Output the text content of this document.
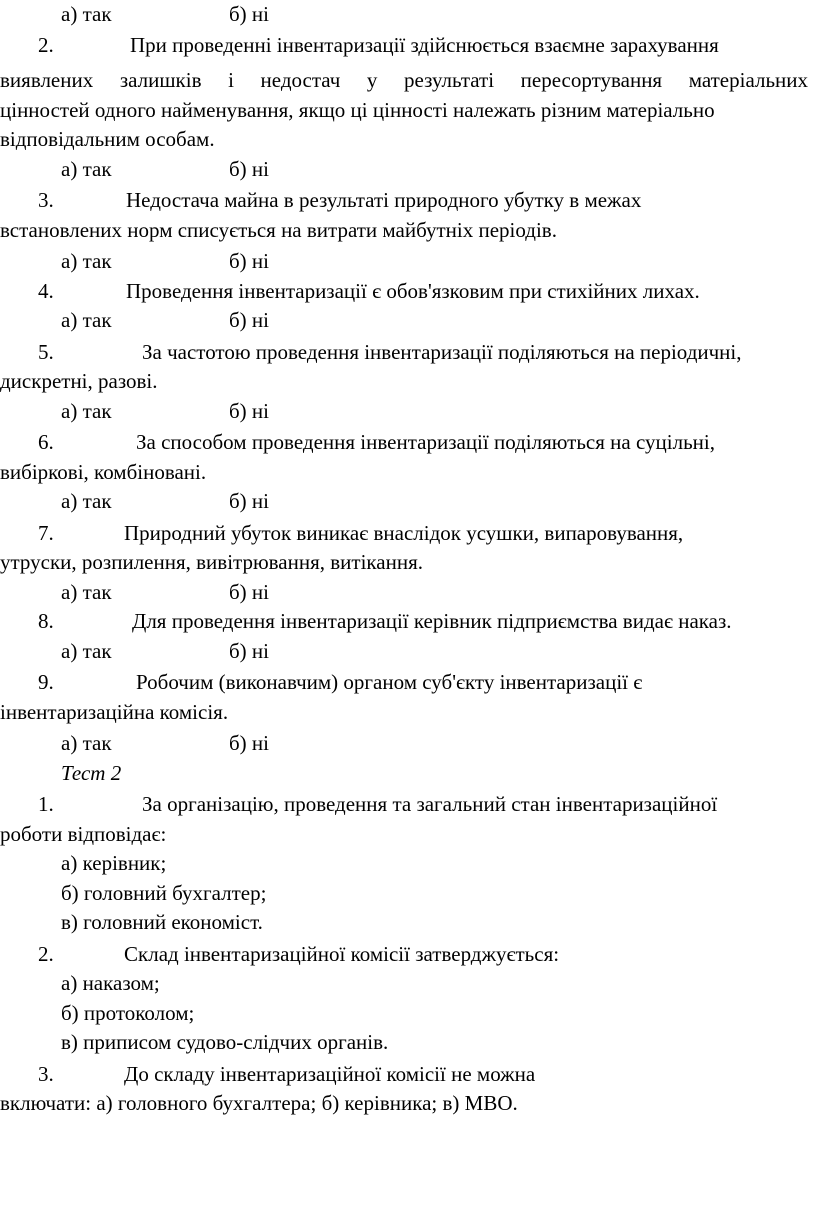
а) так	б) ні
2.	При проведенні інвентаризації здійснюється взаємне зарахування
виявлених залишків і недостач у результаті пересортування матеріальних
цінностей одного найменування, якщо ці цінності належать різним матеріально
відповідальним особам.
а) так	б) ні
3.	Недостача майна в результаті природного убутку в межах
встановлених норм списується на витрати майбутніх періодів.
а) так	б) ні
4.	Проведення інвентаризації є обов'язковим при стихійних лихах.
а) так	б) ні
5.	За частотою проведення інвентаризації поділяються на періодичні,
дискретні, разові.
а) так	б) ні
6.	За способом проведення інвентаризації поділяються на суцільні,
вибіркові, комбіновані.
а) так	б) ні
7.	Природний убуток виникає внаслідок усушки, випаровування,
утруски, розпилення, вивітрювання, витікання.
а) так	б) ні
8.	Для проведення інвентаризації керівник підприємства видає наказ.
а) так	б) ні
9.	Робочим (виконавчим) органом суб'єкту інвентаризації є
інвентаризаційна комісія.
а) так	б) ні
Тест 2
1.	За організацію, проведення та загальний стан інвентаризаційної
роботи відповідає:
а) керівник;
б) головний бухгалтер;
в) головний економіст.
2.	Склад інвентаризаційної комісії затверджується:
а) наказом;
б) протоколом;
в) приписом судово-слідчих органів.
3.	До складу інвентаризаційної комісії не можна
включати: а) головного бухгалтера; б) керівника; в) МВО.
